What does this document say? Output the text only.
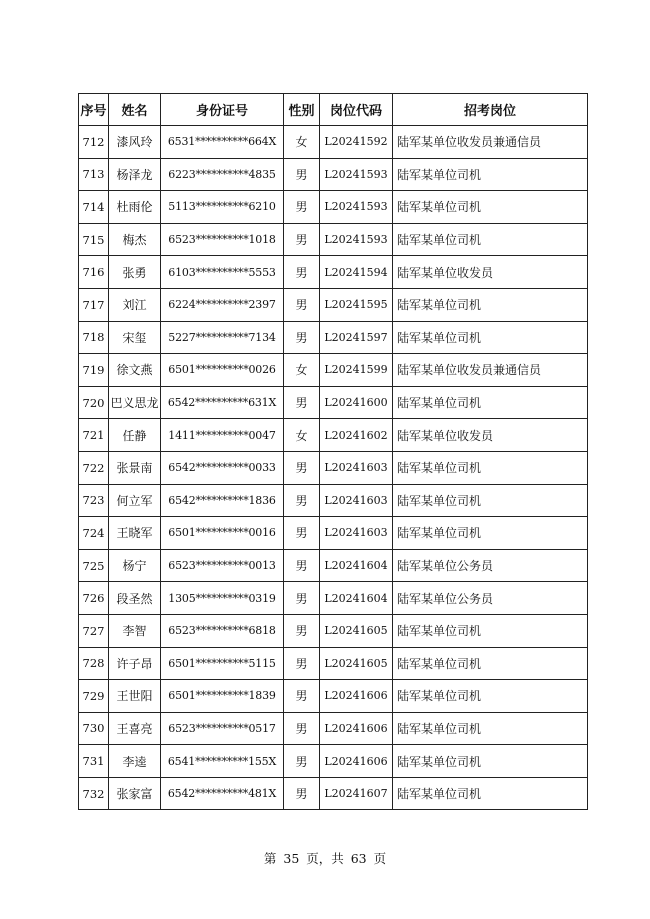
序号	姓名	身份证号	性别	岗位代码	招考岗位
712	漆风玲	6531**********664X	女	L20241592	陆军某单位收发员兼通信员
713	杨泽龙	6223**********4835	男	L20241593	陆军某单位司机
714	杜雨伦	5113**********6210	男	L20241593	陆军某单位司机
715	梅杰	6523**********1018	男	L20241593	陆军某单位司机
716	张勇	6103**********5553	男	L20241594	陆军某单位收发员
717	刘江	6224**********2397	男	L20241595	陆军某单位司机
718	宋玺	5227**********7134	男	L20241597	陆军某单位司机
719	徐文燕	6501**********0026	女	L20241599	陆军某单位收发员兼通信员
720	巴义思龙	6542**********631X	男	L20241600	陆军某单位司机
721	任静	1411**********0047	女	L20241602	陆军某单位收发员
722	张景南	6542**********0033	男	L20241603	陆军某单位司机
723	何立军	6542**********1836	男	L20241603	陆军某单位司机
724	王晓军	6501**********0016	男	L20241603	陆军某单位司机
725	杨宁	6523**********0013	男	L20241604	陆军某单位公务员
726	段圣然	1305**********0319	男	L20241604	陆军某单位公务员
727	李智	6523**********6818	男	L20241605	陆军某单位司机
728	许子昂	6501**********5115	男	L20241605	陆军某单位司机
729	王世阳	6501**********1839	男	L20241606	陆军某单位司机
730	王喜亮	6523**********0517	男	L20241606	陆军某单位司机
731	李逵	6541**********155X	男	L20241606	陆军某单位司机
732	张家富	6542**********481X	男	L20241607	陆军某单位司机
第 35 页，共 63 页
